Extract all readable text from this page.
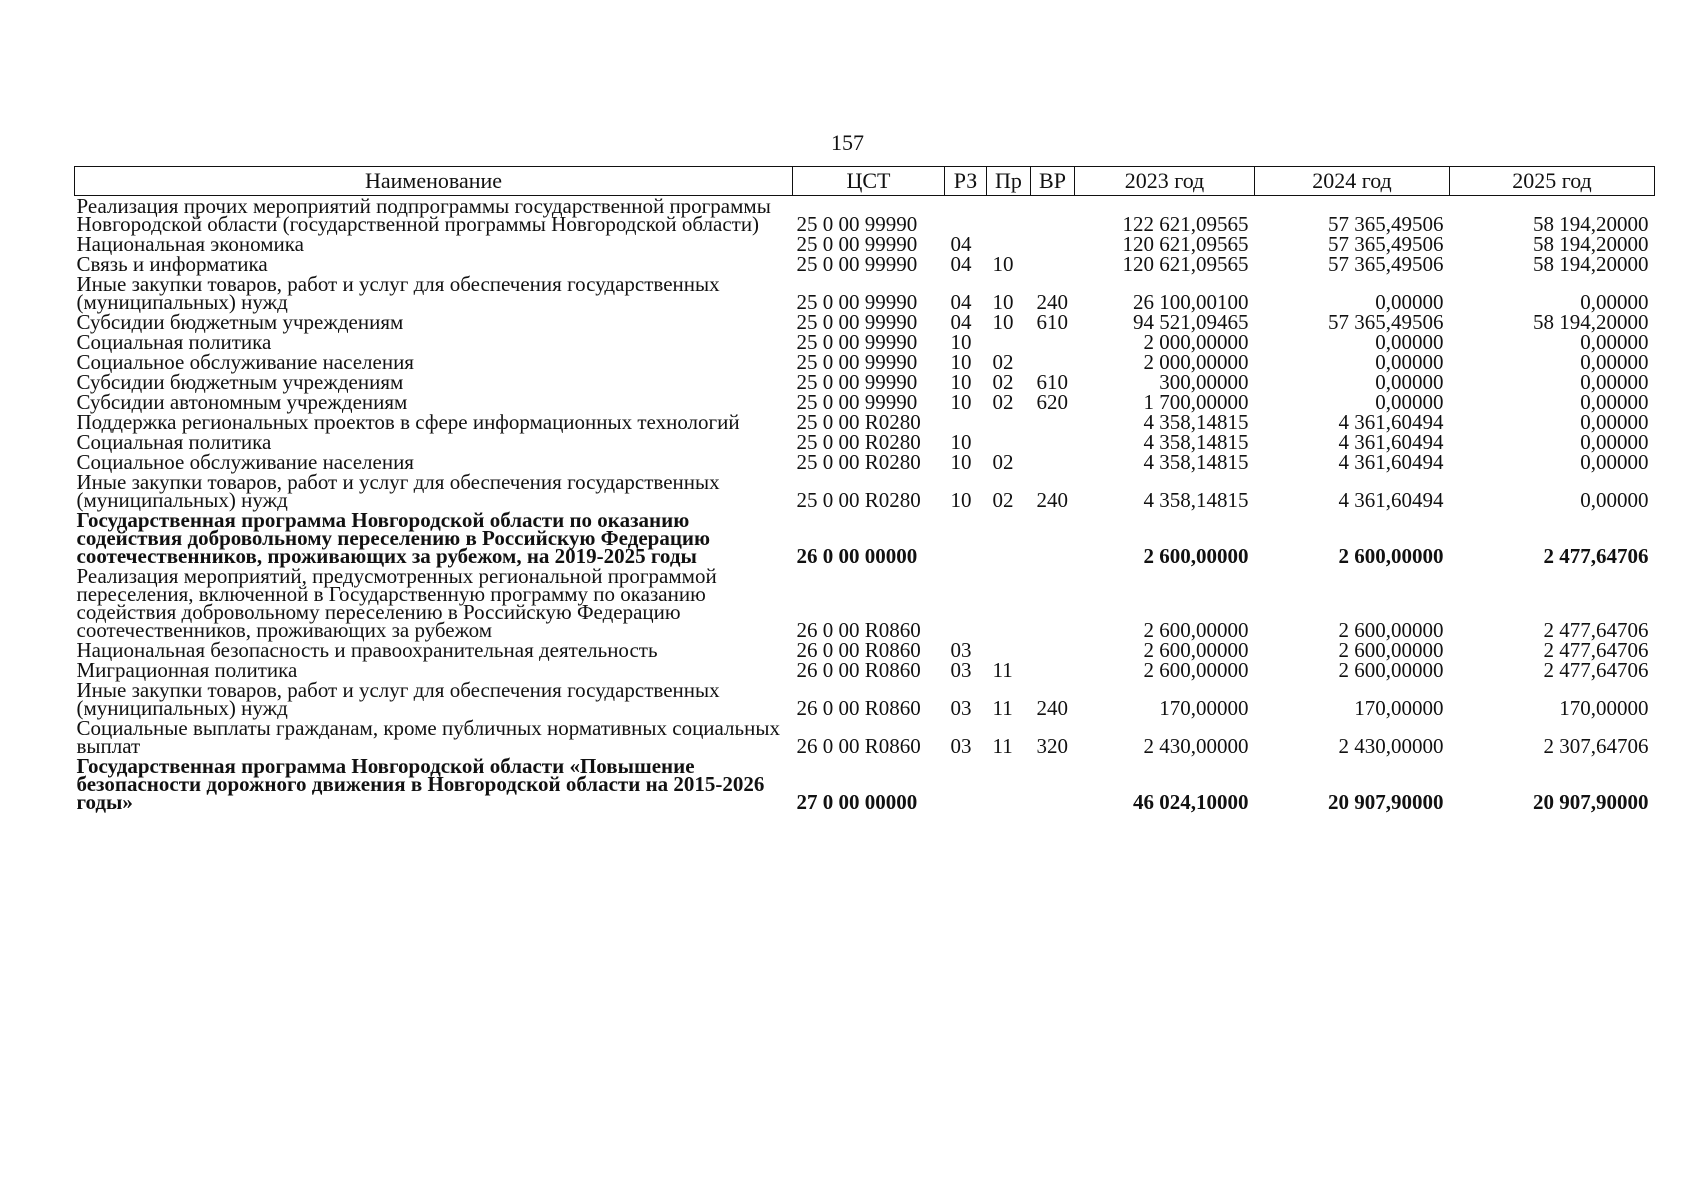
157
Наименование	ЦСТ	РЗ	Пр	ВР	2023 год	2024 год	2025 год
Реализация прочих мероприятий подпрограммы государственной программы Новгородской области (государственной программы Новгородской области)	25 0 00 99990				122 621,09565	57 365,49506	58 194,20000
Национальная экономика	25 0 00 99990	04			120 621,09565	57 365,49506	58 194,20000
Связь и информатика	25 0 00 99990	04	10		120 621,09565	57 365,49506	58 194,20000
Иные закупки товаров, работ и услуг для обеспечения государственных (муниципальных) нужд	25 0 00 99990	04	10	240	26 100,00100	0,00000	0,00000
Субсидии бюджетным учреждениям	25 0 00 99990	04	10	610	94 521,09465	57 365,49506	58 194,20000
Социальная политика	25 0 00 99990	10			2 000,00000	0,00000	0,00000
Социальное обслуживание населения	25 0 00 99990	10	02		2 000,00000	0,00000	0,00000
Субсидии бюджетным учреждениям	25 0 00 99990	10	02	610	300,00000	0,00000	0,00000
Субсидии автономным учреждениям	25 0 00 99990	10	02	620	1 700,00000	0,00000	0,00000
Поддержка региональных проектов в сфере информационных технологий	25 0 00 R0280				4 358,14815	4 361,60494	0,00000
Социальная политика	25 0 00 R0280	10			4 358,14815	4 361,60494	0,00000
Социальное обслуживание населения	25 0 00 R0280	10	02		4 358,14815	4 361,60494	0,00000
Иные закупки товаров, работ и услуг для обеспечения государственных (муниципальных) нужд	25 0 00 R0280	10	02	240	4 358,14815	4 361,60494	0,00000
Государственная программа Новгородской области по оказанию содействия добровольному переселению в Российскую Федерацию соотечественников, проживающих за рубежом, на 2019-2025 годы	26 0 00 00000				2 600,00000	2 600,00000	2 477,64706
Реализация мероприятий, предусмотренных региональной программой переселения, включенной в Государственную программу по оказанию содействия добровольному переселению в Российскую Федерацию соотечественников, проживающих за рубежом	26 0 00 R0860				2 600,00000	2 600,00000	2 477,64706
Национальная безопасность и правоохранительная деятельность	26 0 00 R0860	03			2 600,00000	2 600,00000	2 477,64706
Миграционная политика	26 0 00 R0860	03	11		2 600,00000	2 600,00000	2 477,64706
Иные закупки товаров, работ и услуг для обеспечения государственных (муниципальных) нужд	26 0 00 R0860	03	11	240	170,00000	170,00000	170,00000
Социальные выплаты гражданам, кроме публичных нормативных социальных выплат	26 0 00 R0860	03	11	320	2 430,00000	2 430,00000	2 307,64706
Государственная программа Новгородской области «Повышение безопасности дорожного движения в Новгородской области на 2015-2026 годы»	27 0 00 00000				46 024,10000	20 907,90000	20 907,90000
